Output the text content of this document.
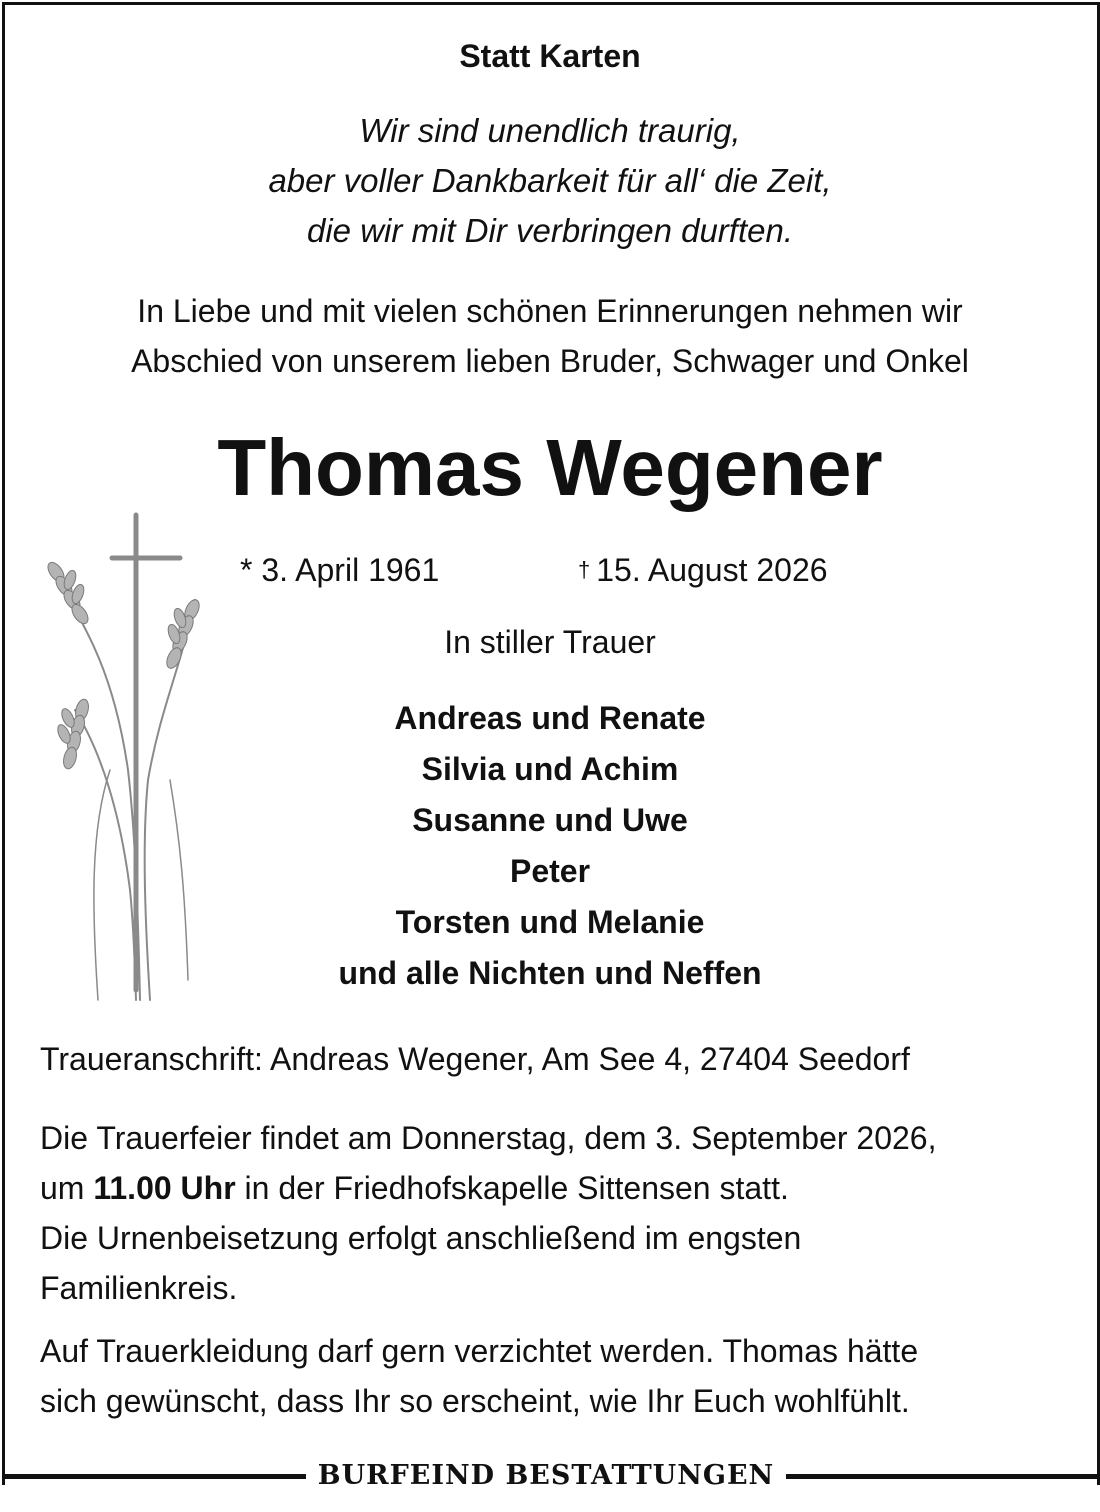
Statt Karten
Wir sind unendlich traurig,
aber voller Dankbarkeit für all‘ die Zeit,
die wir mit Dir verbringen durften.
In Liebe und mit vielen schönen Erinnerungen nehmen wir
Abschied von unserem lieben Bruder, Schwager und Onkel
Thomas Wegener
* 3. April 1961	† 15. August 2026
In stiller Trauer
Andreas und Renate
Silvia und Achim
Susanne und Uwe
Peter
Torsten und Melanie
und alle Nichten und Neffen
Traueranschrift: Andreas Wegener, Am See 4, 27404 Seedorf
Die Trauerfeier findet am Donnerstag, dem 3. September 2026,
um 11.00 Uhr in der Friedhofskapelle Sittensen statt.
Die Urnenbeisetzung erfolgt anschließend im engsten
Familienkreis.
Auf Trauerkleidung darf gern verzichtet werden. Thomas hätte
sich gewünscht, dass Ihr so erscheint, wie Ihr Euch wohlfühlt.
BURFEIND BESTATTUNGEN
